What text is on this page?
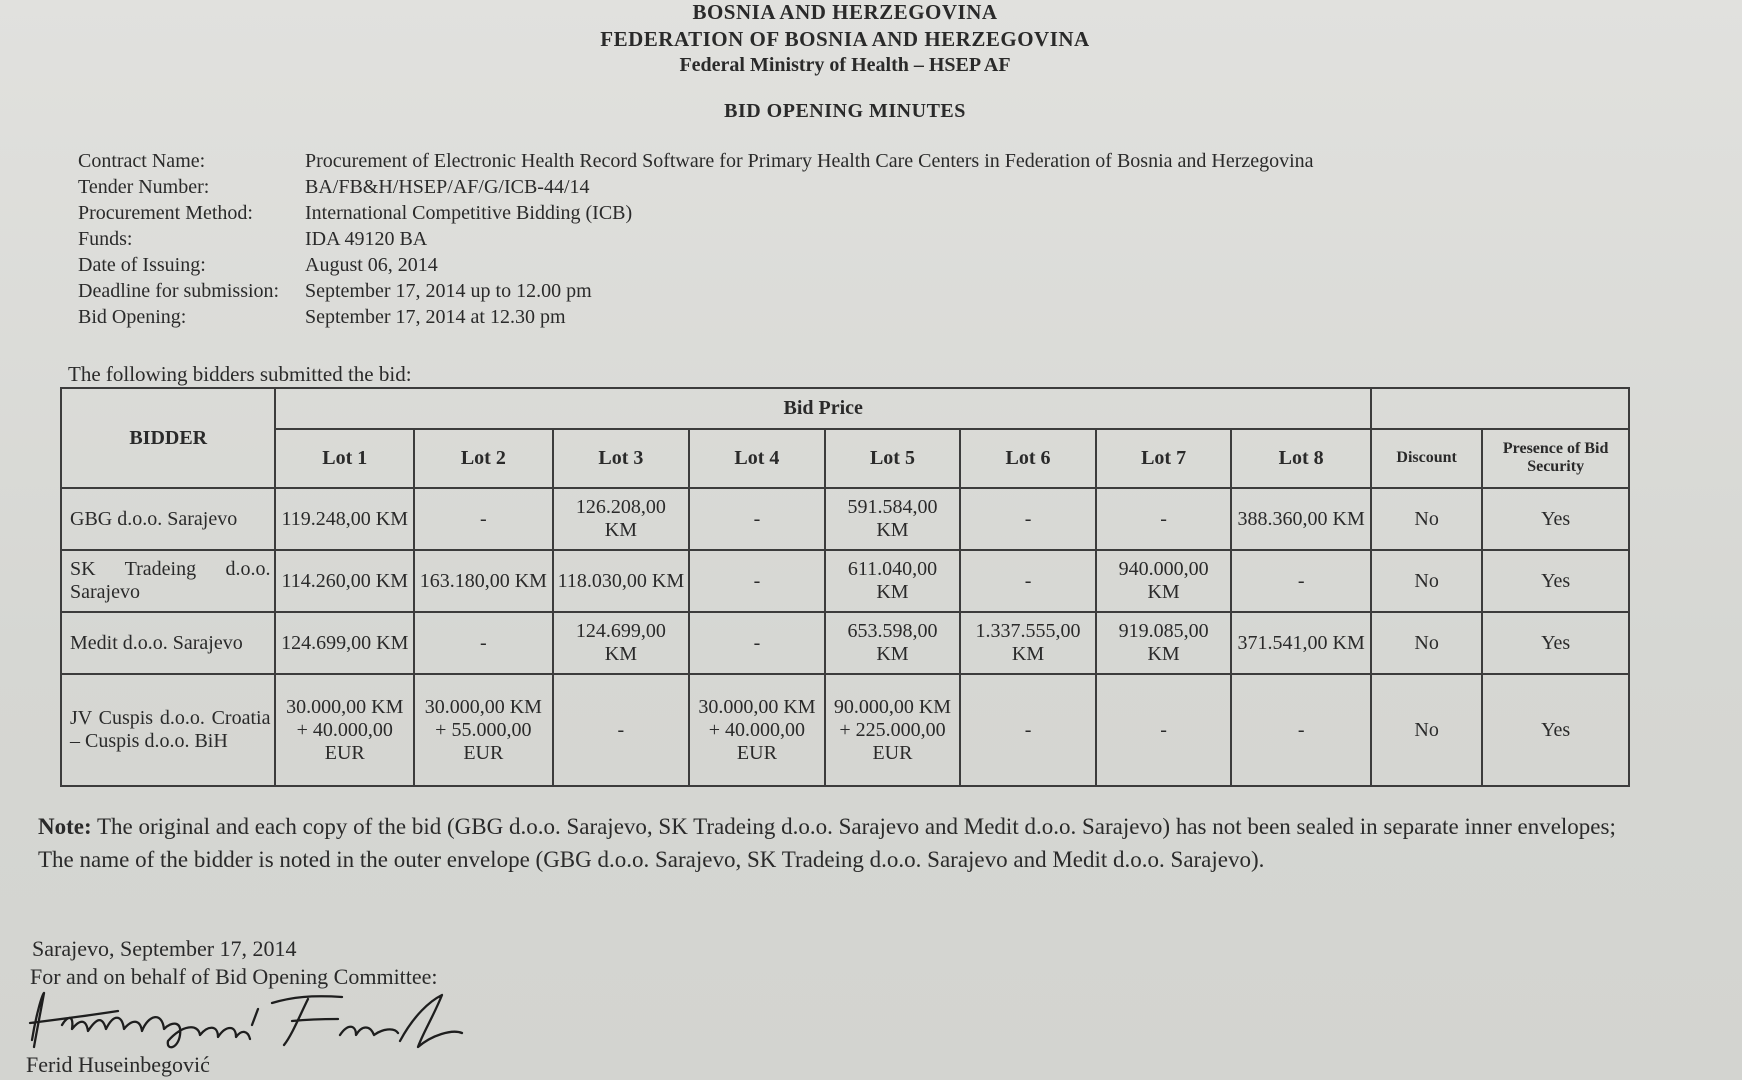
BOSNIA AND HERZEGOVINA
FEDERATION OF BOSNIA AND HERZEGOVINA
Federal Ministry of Health – HSEP AF
BID OPENING MINUTES
Contract Name:	Procurement of Electronic Health Record Software for Primary Health Care Centers in Federation of Bosnia and Herzegovina
Tender Number:	BA/FB&H/HSEP/AF/G/ICB-44/14
Procurement Method:	International Competitive Bidding (ICB)
Funds:	IDA 49120 BA
Date of Issuing:	August 06, 2014
Deadline for submission:	September 17, 2014 up to 12.00 pm
Bid Opening:	September 17, 2014 at 12.30 pm
The following bidders submitted the bid:
BIDDER	Bid Price									
	Lot 1	Lot 2	Lot 3	Lot 4	Lot 5	Lot 6	Lot 7	Lot 8	Discount	Presence of Bid Security
GBG d.o.o. Sarajevo	119.248,00 KM	-	126.208,00 KM	-	591.584,00 KM	-	-	388.360,00 KM	No	Yes
SK Tradeing d.o.o. Sarajevo	114.260,00 KM	163.180,00 KM	118.030,00 KM	-	611.040,00 KM	-	940.000,00 KM	-	No	Yes
Medit d.o.o. Sarajevo	124.699,00 KM	-	124.699,00 KM	-	653.598,00 KM	1.337.555,00 KM	919.085,00 KM	371.541,00 KM	No	Yes
JV Cuspis d.o.o. Croatia – Cuspis d.o.o. BiH	30.000,00 KM + 40.000,00 EUR	30.000,00 KM + 55.000,00 EUR	-	30.000,00 KM + 40.000,00 EUR	90.000,00 KM + 225.000,00 EUR	-	-	-	No	Yes
Note: The original and each copy of the bid (GBG d.o.o. Sarajevo, SK Tradeing d.o.o. Sarajevo and Medit d.o.o. Sarajevo) has not been sealed in separate inner envelopes; The name of the bidder is noted in the outer envelope (GBG d.o.o. Sarajevo, SK Tradeing d.o.o. Sarajevo and Medit d.o.o. Sarajevo).
Sarajevo, September 17, 2014
For and on behalf of Bid Opening Committee:
Huseinbegović Ferid
Ferid Huseinbegović
